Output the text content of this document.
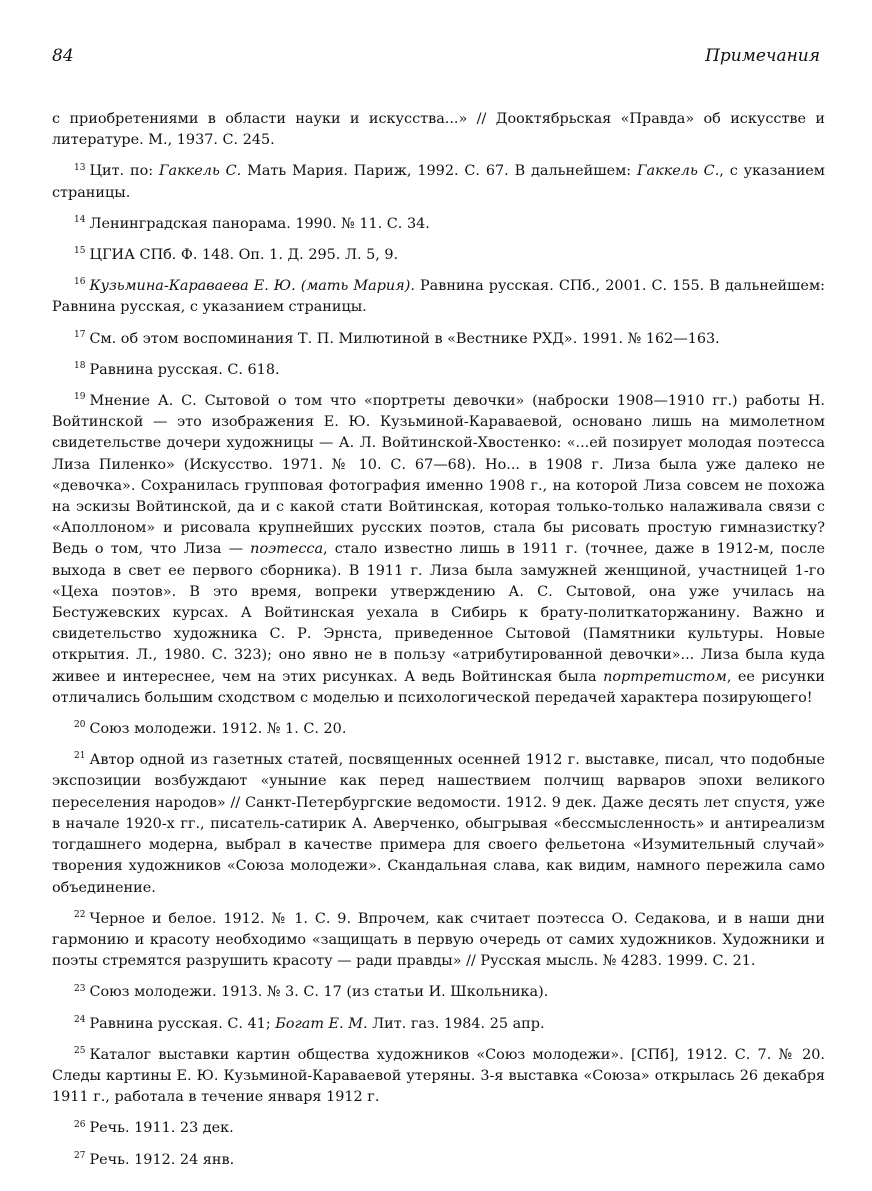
84	Примечания

с приобретениями в области науки и искусства...» // Дооктябрьская «Правда» об искусстве и литературе. М., 1937. С. 245.

$^{13}$ Цит. по: Гаккель С. Мать Мария. Париж, 1992. С. 67. В дальнейшем: Гаккель С., с указанием страницы.

$^{14}$ Ленинградская панорама. 1990. № 11. С. 34.

$^{15}$ ЦГИА СПб. Ф. 148. Оп. 1. Д. 295. Л. 5, 9.

$^{16}$ Кузьмина-Караваева Е. Ю. (мать Мария). Равнина русская. СПб., 2001. С. 155. В дальнейшем: Равнина русская, с указанием страницы.

$^{17}$ См. об этом воспоминания Т. П. Милютиной в «Вестнике РХД». 1991. № 162—163.

$^{18}$ Равнина русская. С. 618.

$^{19}$ Мнение А. С. Сытовой о том что «портреты девочки» (наброски 1908—1910 гг.) работы Н. Войтинской — это изображения Е. Ю. Кузьминой-Караваевой, основано лишь на мимолетном свидетельстве дочери художницы — А. Л. Войтинской-Хвостенко: «...ей позирует молодая поэтесса Лиза Пиленко» (Искусство. 1971. № 10. С. 67—68). Но... в 1908 г. Лиза была уже далеко не «девочка». Сохранилась групповая фотография именно 1908 г., на которой Лиза совсем не похожа на эскизы Войтинской, да и с какой стати Войтинская, которая только-только налаживала связи с «Аполлоном» и рисовала крупнейших русских поэтов, стала бы рисовать простую гимназистку? Ведь о том, что Лиза — поэтесса, стало известно лишь в 1911 г. (точнее, даже в 1912-м, после выхода в свет ее первого сборника). В 1911 г. Лиза была замужней женщиной, участницей 1-го «Цеха поэтов». В это время, вопреки утверждению А. С. Сытовой, она уже училась на Бестужевских курсах. А Войтинская уехала в Сибирь к брату-политкаторжанину. Важно и свидетельство художника С. Р. Эрнста, приведенное Сытовой (Памятники культуры. Новые открытия. Л., 1980. С. 323); оно явно не в пользу «атрибутированной девочки»... Лиза была куда живее и интереснее, чем на этих рисунках. А ведь Войтинская была портретистом, ее рисунки отличались большим сходством с моделью и психологической передачей характера позирующего!

$^{20}$ Союз молодежи. 1912. № 1. С. 20.

$^{21}$ Автор одной из газетных статей, посвященных осенней 1912 г. выставке, писал, что подобные экспозиции возбуждают «уныние как перед нашествием полчищ варваров эпохи великого переселения народов» // Санкт-Петербургские ведомости. 1912. 9 дек. Даже десять лет спустя, уже в начале 1920-х гг., писатель-сатирик А. Аверченко, обыгрывая «бессмысленность» и антиреализм тогдашнего модерна, выбрал в качестве примера для своего фельетона «Изумительный случай» творения художников «Союза молодежи». Скандальная слава, как видим, намного пережила само объединение.

$^{22}$ Черное и белое. 1912. № 1. С. 9. Впрочем, как считает поэтесса О. Седакова, и в наши дни гармонию и красоту необходимо «защищать в первую очередь от самих художников. Художники и поэты стремятся разрушить красоту — ради правды» // Русская мысль. № 4283. 1999. С. 21.

$^{23}$ Союз молодежи. 1913. № 3. С. 17 (из статьи И. Школьника).

$^{24}$ Равнина русская. С. 41; Богат Е. М. Лит. газ. 1984. 25 апр.

$^{25}$ Каталог выставки картин общества художников «Союз молодежи». [СПб], 1912. С. 7. № 20. Следы картины Е. Ю. Кузьминой-Караваевой утеряны. 3-я выставка «Союза» открылась 26 декабря 1911 г., работала в течение января 1912 г.

$^{26}$ Речь. 1911. 23 дек.

$^{27}$ Речь. 1912. 24 янв.
